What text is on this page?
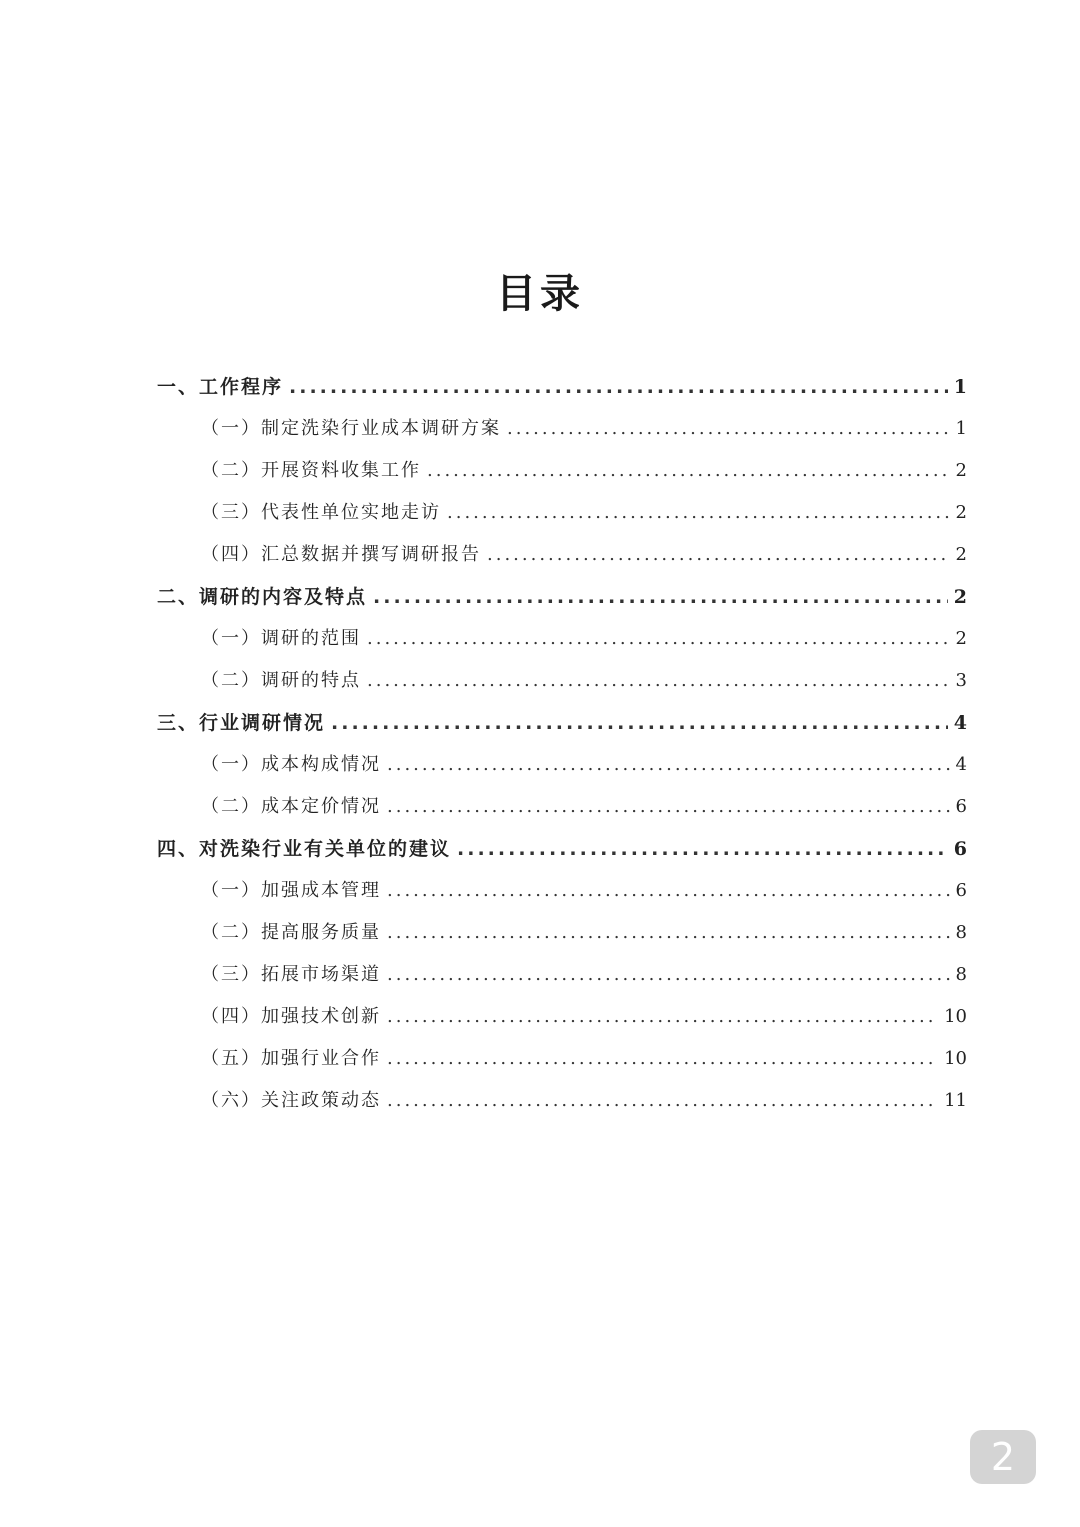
目录
一、工作程序 .....	1
（一）制定洗染行业成本调研方案 .....	1
（二）开展资料收集工作 .....	2
（三）代表性单位实地走访 .....	2
（四）汇总数据并撰写调研报告 .....	2
二、调研的内容及特点 .....	2
（一）调研的范围 .....	2
（二）调研的特点 .....	3
三、行业调研情况 .....	4
（一）成本构成情况 .....	4
（二）成本定价情况 .....	6
四、对洗染行业有关单位的建议 .....	6
（一）加强成本管理 .....	6
（二）提高服务质量 .....	8
（三）拓展市场渠道 .....	8
（四）加强技术创新 .....	10
（五）加强行业合作 .....	10
（六）关注政策动态 .....	11
2
